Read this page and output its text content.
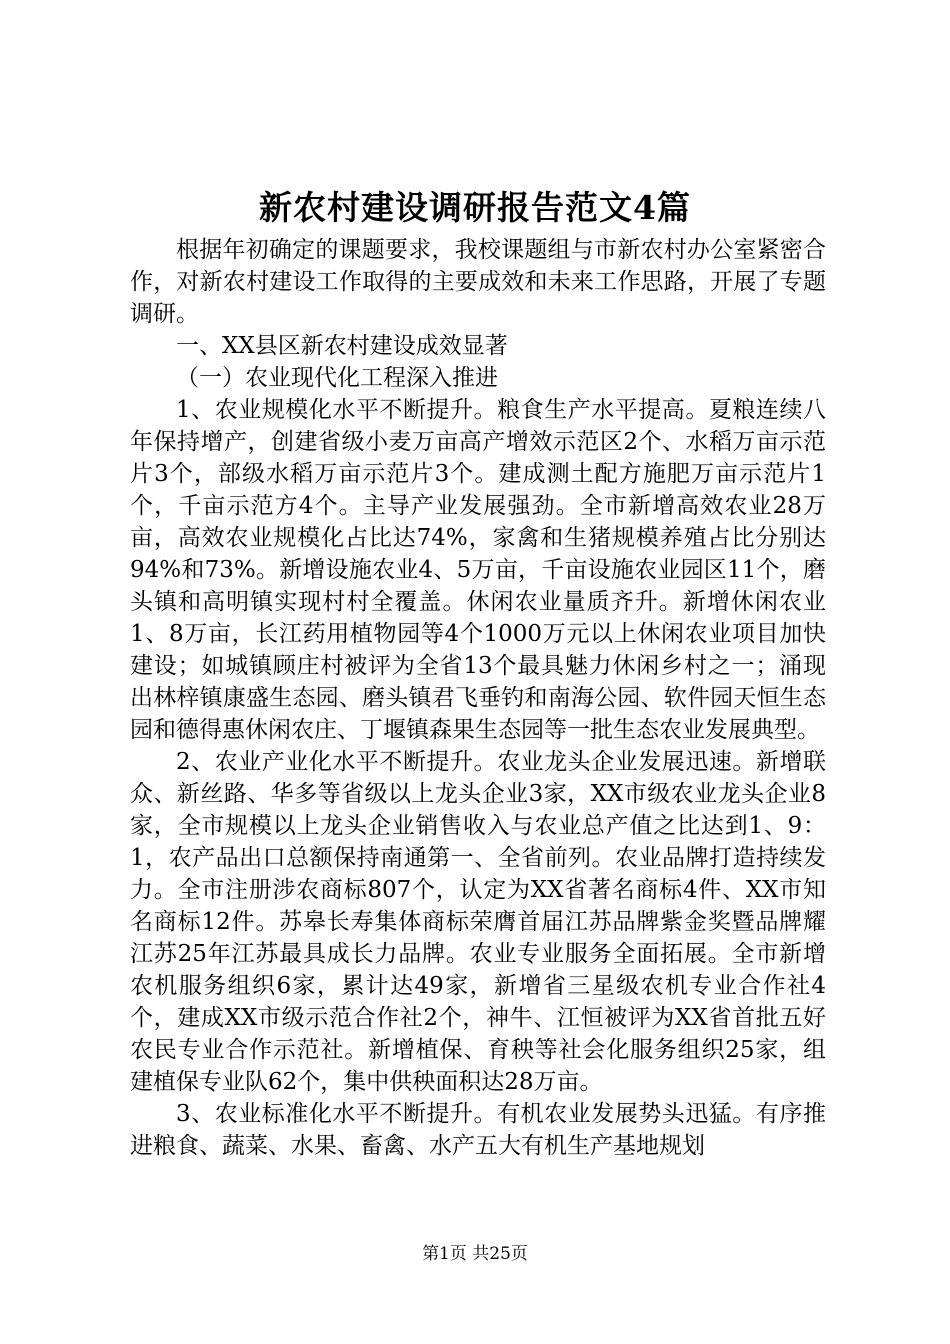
新农村建设调研报告范文4篇

根据年初确定的课题要求，我校课题组与市新农村办公室紧密合作，对新农村建设工作取得的主要成效和未来工作思路，开展了专题调研。

一、XX县区新农村建设成效显著

（一）农业现代化工程深入推进

1、农业规模化水平不断提升。粮食生产水平提高。夏粮连续八年保持增产，创建省级小麦万亩高产增效示范区2个、水稻万亩示范片3个，部级水稻万亩示范片3个。建成测土配方施肥万亩示范片1个，千亩示范方4个。主导产业发展强劲。全市新增高效农业28万亩，高效农业规模化占比达74%，家禽和生猪规模养殖占比分别达94%和73%。新增设施农业4、5万亩，千亩设施农业园区11个，磨头镇和高明镇实现村村全覆盖。休闲农业量质齐升。新增休闲农业1、8万亩，长江药用植物园等4个1000万元以上休闲农业项目加快建设；如城镇顾庄村被评为全省13个最具魅力休闲乡村之一；涌现出林梓镇康盛生态园、磨头镇君飞垂钓和南海公园、软件园天恒生态园和德得惠休闲农庄、丁堰镇森果生态园等一批生态农业发展典型。

2、农业产业化水平不断提升。农业龙头企业发展迅速。新增联众、新丝路、华多等省级以上龙头企业3家，XX市级农业龙头企业8家，全市规模以上龙头企业销售收入与农业总产值之比达到1、9：1，农产品出口总额保持南通第一、全省前列。农业品牌打造持续发力。全市注册涉农商标807个，认定为XX省著名商标4件、XX市知名商标12件。苏皋长寿集体商标荣膺首届江苏品牌紫金奖暨品牌耀江苏25年江苏最具成长力品牌。农业专业服务全面拓展。全市新增农机服务组织6家，累计达49家，新增省三星级农机专业合作社4个，建成XX市级示范合作社2个，神牛、江恒被评为XX省首批五好农民专业合作示范社。新增植保、育秧等社会化服务组织25家，组建植保专业队62个，集中供秧面积达28万亩。

3、农业标准化水平不断提升。有机农业发展势头迅猛。有序推进粮食、蔬菜、水果、畜禽、水产五大有机生产基地规划

第1页 共25页
